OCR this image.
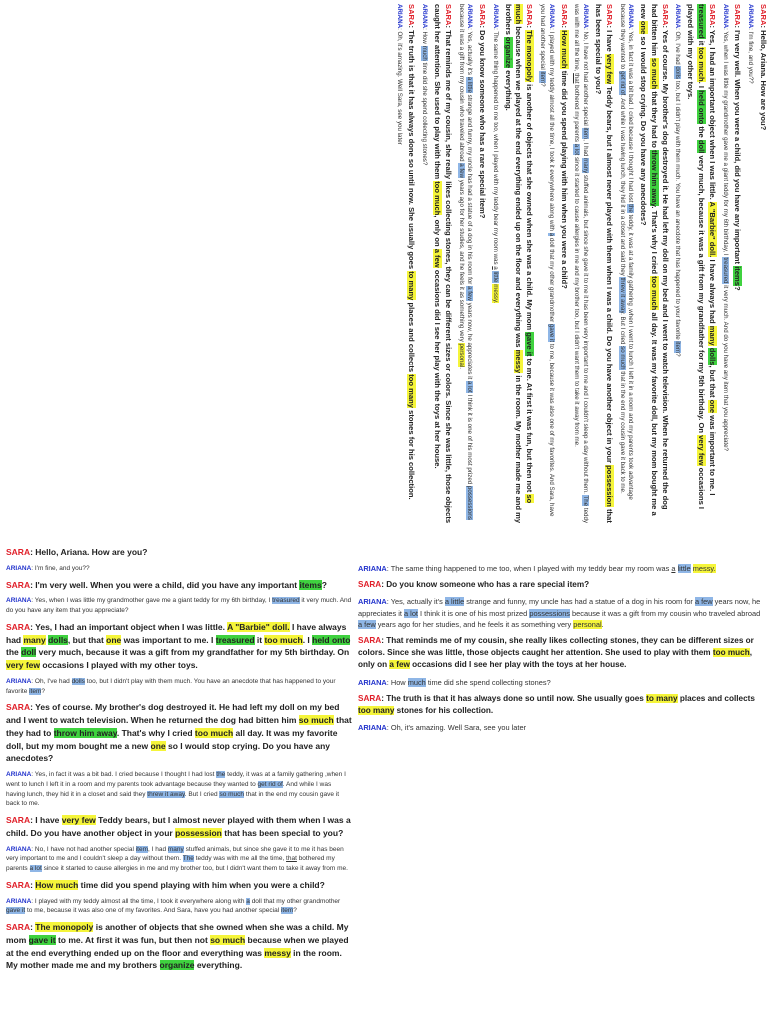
SARA: Hello, Ariana. How are you?

ARIANA: I'm fine, and you??

SARA: I'm very well. When you were a child, did you have any important items?

ARIANA: Yes, when I was little my grandmother gave me a giant teddy for my 6th birthday, I treasured it very much. And do you have any item that you appreciate?

SARA: Yes, I had an important object when I was little. A "Barbie" doll. I have always had many dolls, but that one was important to me. I treasured it too much. I held onto the doll very much, because it was a gift from my grandfather for my 5th birthday. On very few occasions I played with my other toys.

ARIANA: Oh, I've had dolls too, but I didn't play with them much. You have an anecdote that has happened to your favorite item?

SARA: Yes of course. My brother's dog destroyed it. He had left my doll on my bed and I went to watch television. When he returned the dog had bitten him so much that they had to throw him away. That's why I cried too much all day. It was my favorite doll, but my mom bought me a new one so I would stop crying. Do you have any anecdotes?

ARIANA: Yes, in fact it was a bit bad. I cried because I thought I had lost the teddy, it was at a family gathering ,when I went to lunch I left it in a room and my parents took advantage because they wanted to get rid of. And while I was having lunch, they hid it in a closet and said they threw it away. But I cried so much that in the end my cousin gave it back to me.

SARA: I have very few Teddy bears, but I almost never played with them when I was a child. Do you have another object in your possession that has been special to you?

ARIANA: No, I have not had another special item, I had many stuffed animals, but since she gave it to me it has been very important to me and I couldn't sleep a day without them. The teddy was with me all the time, that bothered my parents a lot since it started to cause allergies in me and my brother too, but I didn't want them to take it away from me.

SARA: How much time did you spend playing with him when you were a child?

ARIANA: I played with my teddy almost all the time, I took it everywhere along with a doll that my other grandmother gave it to me, because it was also one of my favorites. And Sara, have you had another special item?

SARA: The monopoly is another of objects that she owned when she was a child. My mom gave it to me. At first it was fun, but then not so much because when we played at the end everything ended up on the floor and everything was messy in the room. My mother made me and my brothers organize everything.

ARIANA: The same thing happened to me too, when I played with my teddy bear my room was a little messy.

SARA: Do you know someone who has a rare special item?

ARIANA: Yes, actually it's a little strange and funny, my uncle has had a statue of a dog in his room for a few years now, he appreciates it a lot I think it is one of his most prized possessions because it was a gift from my cousin who traveled abroad a few years ago for her studies, and he feels it as something very personal.

SARA: That reminds me of my cousin, she really likes collecting stones, they can be different sizes or colors. Since she was little, those objects caught her attention. She used to play with them too much, only on a few occasions did I see her play with the toys at her house.

ARIANA: How much time did she spend collecting stones?

SARA: The truth is that it has always done so until now. She usually goes to many places and collects too many stones for his collection.

ARIANA: Oh, it's amazing. Well Sara, see you later

SARA: Hello, Ariana. How are you?

ARIANA: I'm fine, and you??

SARA: I'm very well. When you were a child, did you have any important items?

ARIANA: Yes, when I was little my grandmother gave me a giant teddy for my 6th birthday, I treasured it very much. And do you have any item that you appreciate?

SARA: Yes, I had an important object when I was little. A "Barbie" doll. I have always had many dolls, but that one was important to me. I treasured it too much. I held onto the doll very much, because it was a gift from my grandfather for my 5th birthday. On very few occasions I played with my other toys.

ARIANA: Oh, I've had dolls too, but I didn't play with them much. You have an anecdote that has happened to your favorite item?

SARA: Yes of course. My brother's dog destroyed it. He had left my doll on my bed and I went to watch television. When he returned the dog had bitten him so much that they had to throw him away. That's why I cried too much all day. It was my favorite doll, but my mom bought me a new one so I would stop crying. Do you have any anecdotes?

ARIANA: Yes, in fact it was a bit bad. I cried because I thought I had lost the teddy, it was at a family gathering ,when I went to lunch I left it in a room and my parents took advantage because they wanted to get rid of. And while I was having lunch, they hid it in a closet and said they threw it away. But I cried so much that in the end my cousin gave it back to me.

SARA: I have very few Teddy bears, but I almost never played with them when I was a child. Do you have another object in your possession that has been special to you?

ARIANA: No, I have not had another special item, I had many stuffed animals, but since she gave it to me it has been very important to me and I couldn't sleep a day without them. The teddy was with me all the time, that bothered my parents a lot since it started to cause allergies in me and my brother too, but I didn't want them to take it away from me.

SARA: How much time did you spend playing with him when you were a child?

ARIANA: I played with my teddy almost all the time, I took it everywhere along with a doll that my other grandmother gave it to me, because it was also one of my favorites. And Sara, have you had another special item?

SARA: The monopoly is another of objects that she owned when she was a child. My mom gave it to me. At first it was fun, but then not so much because when we played at the end everything ended up on the floor and everything was messy in the room. My mother made me and my brothers organize everything.

ARIANA: The same thing happened to me too, when I played with my teddy bear my room was a little messy.

SARA: Do you know someone who has a rare special item?

ARIANA: Yes, actually it's a little strange and funny, my uncle has had a statue of a dog in his room for a few years now, he appreciates it a lot I think it is one of his most prized possessions because it was a gift from my cousin who traveled abroad a few years ago for her studies, and he feels it as something very personal.

SARA: That reminds me of my cousin, she really likes collecting stones, they can be different sizes or colors. Since she was little, those objects caught her attention. She used to play with them too much, only on a few occasions did I see her play with the toys at her house.

ARIANA: How much time did she spend collecting stones?

SARA: The truth is that it has always done so until now. She usually goes to many places and collects too many stones for his collection.

ARIANA: Oh, it's amazing. Well Sara, see you later
